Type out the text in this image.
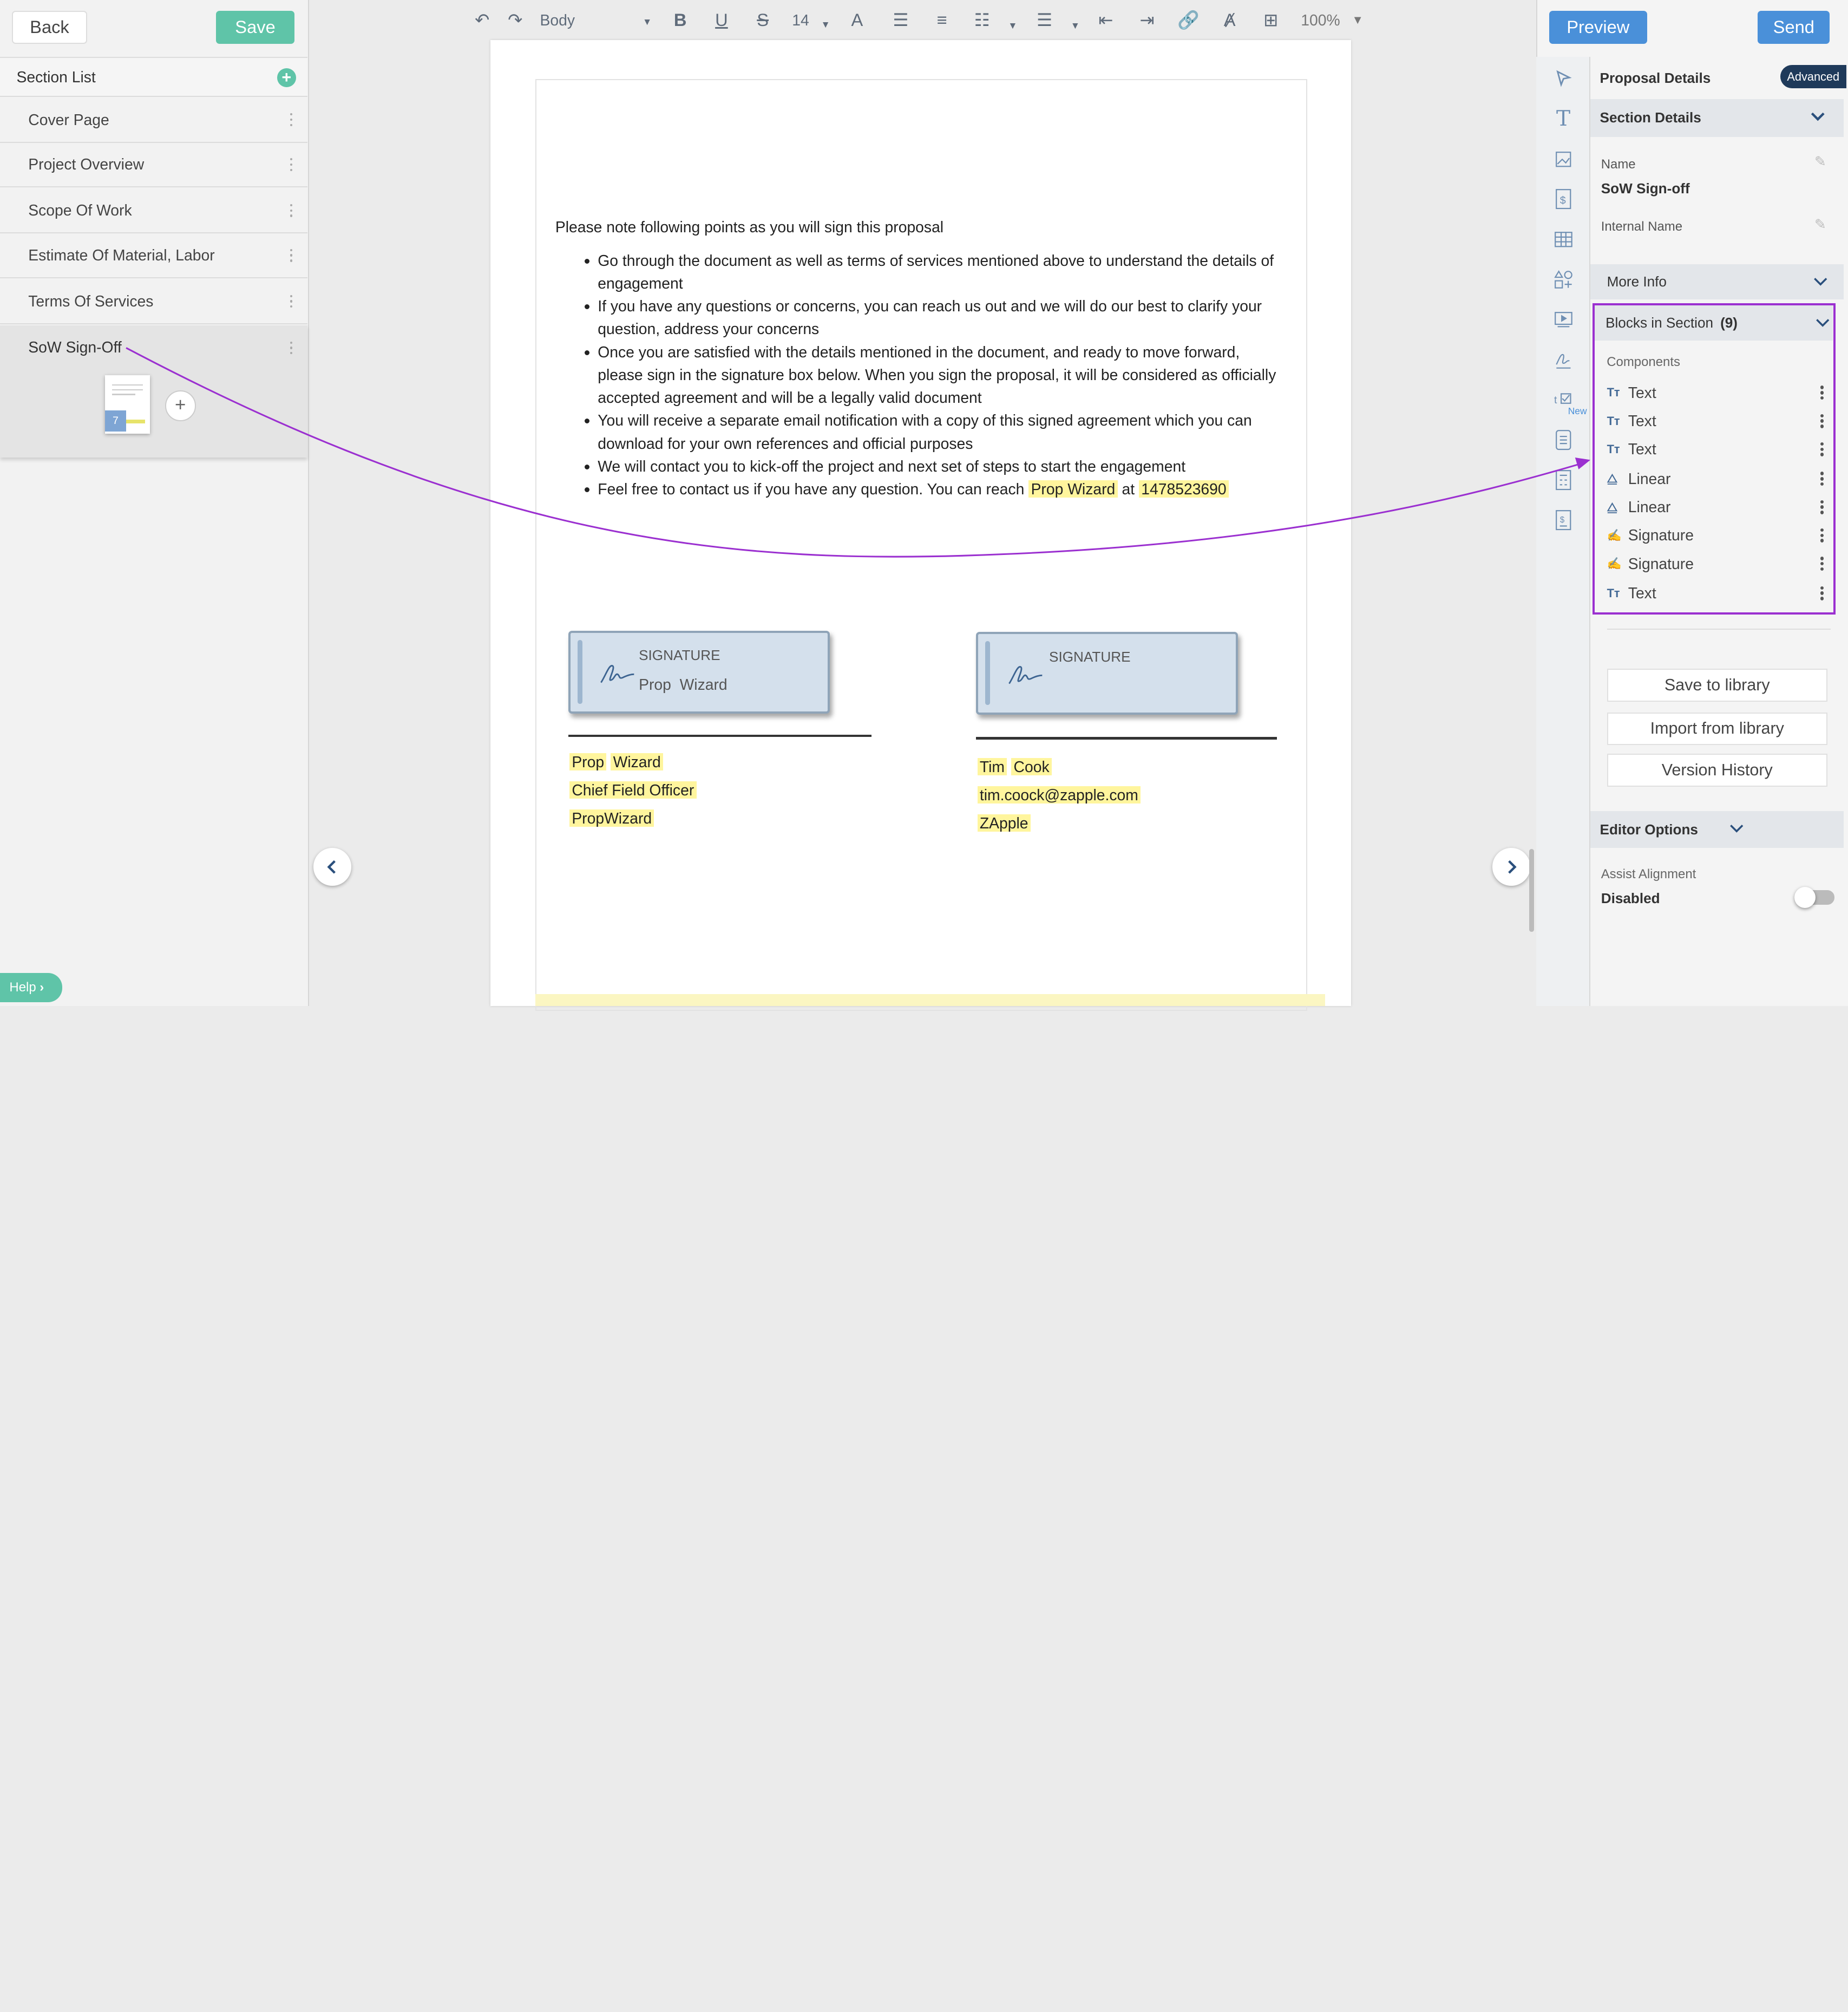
Back	Save
Section List	+
Cover Page
Project Overview
Scope Of Work
Estimate Of Material, Labor
Terms Of Services
SoW Sign-Off
7
+
Help ›
↶	↷	Body	▼	B	U	S	14	▼	A	☰	≡	☷	▼	☰	▼	⇤	⇥	🔗	Ⱥ	⊞	100% ▼
Please note following points as you will sign this proposal
• Go through the document as well as terms of services mentioned above to understand the details of engagement
• If you have any questions or concerns, you can reach us out and we will do our best to clarify your question, address your concerns
• Once you are satisfied with the details mentioned in the document, and ready to move forward, please sign in the signature box below. When you sign the proposal, it will be considered as officially accepted agreement and will be a legally valid document
• You will receive a separate email notification with a copy of this signed agreement which you can download for your own references and official purposes
• We will contact you to kick-off the project and next set of steps to start the engagement
• Feel free to contact us if you have any question. You can reach Prop Wizard at 1478523690
SIGNATURE
Prop  Wizard
Prop Wizard
Chief Field Officer
PropWizard
SIGNATURE
Tim Cook
tim.coock@zapple.com
ZApple
Preview	Send
T
$
t
New
$
Proposal Details	Advanced
Section Details
Name	✎
SoW Sign-off
Internal Name	✎
More Info
Blocks in Section (9)
Components
Tт	Text
Tт	Text
Tт	Text
⧋	Linear
⧋	Linear
✍ Signature
✍ Signature
Tт	Text
Save to library
Import from library
Version History
Editor Options
Assist Alignment
Disabled
